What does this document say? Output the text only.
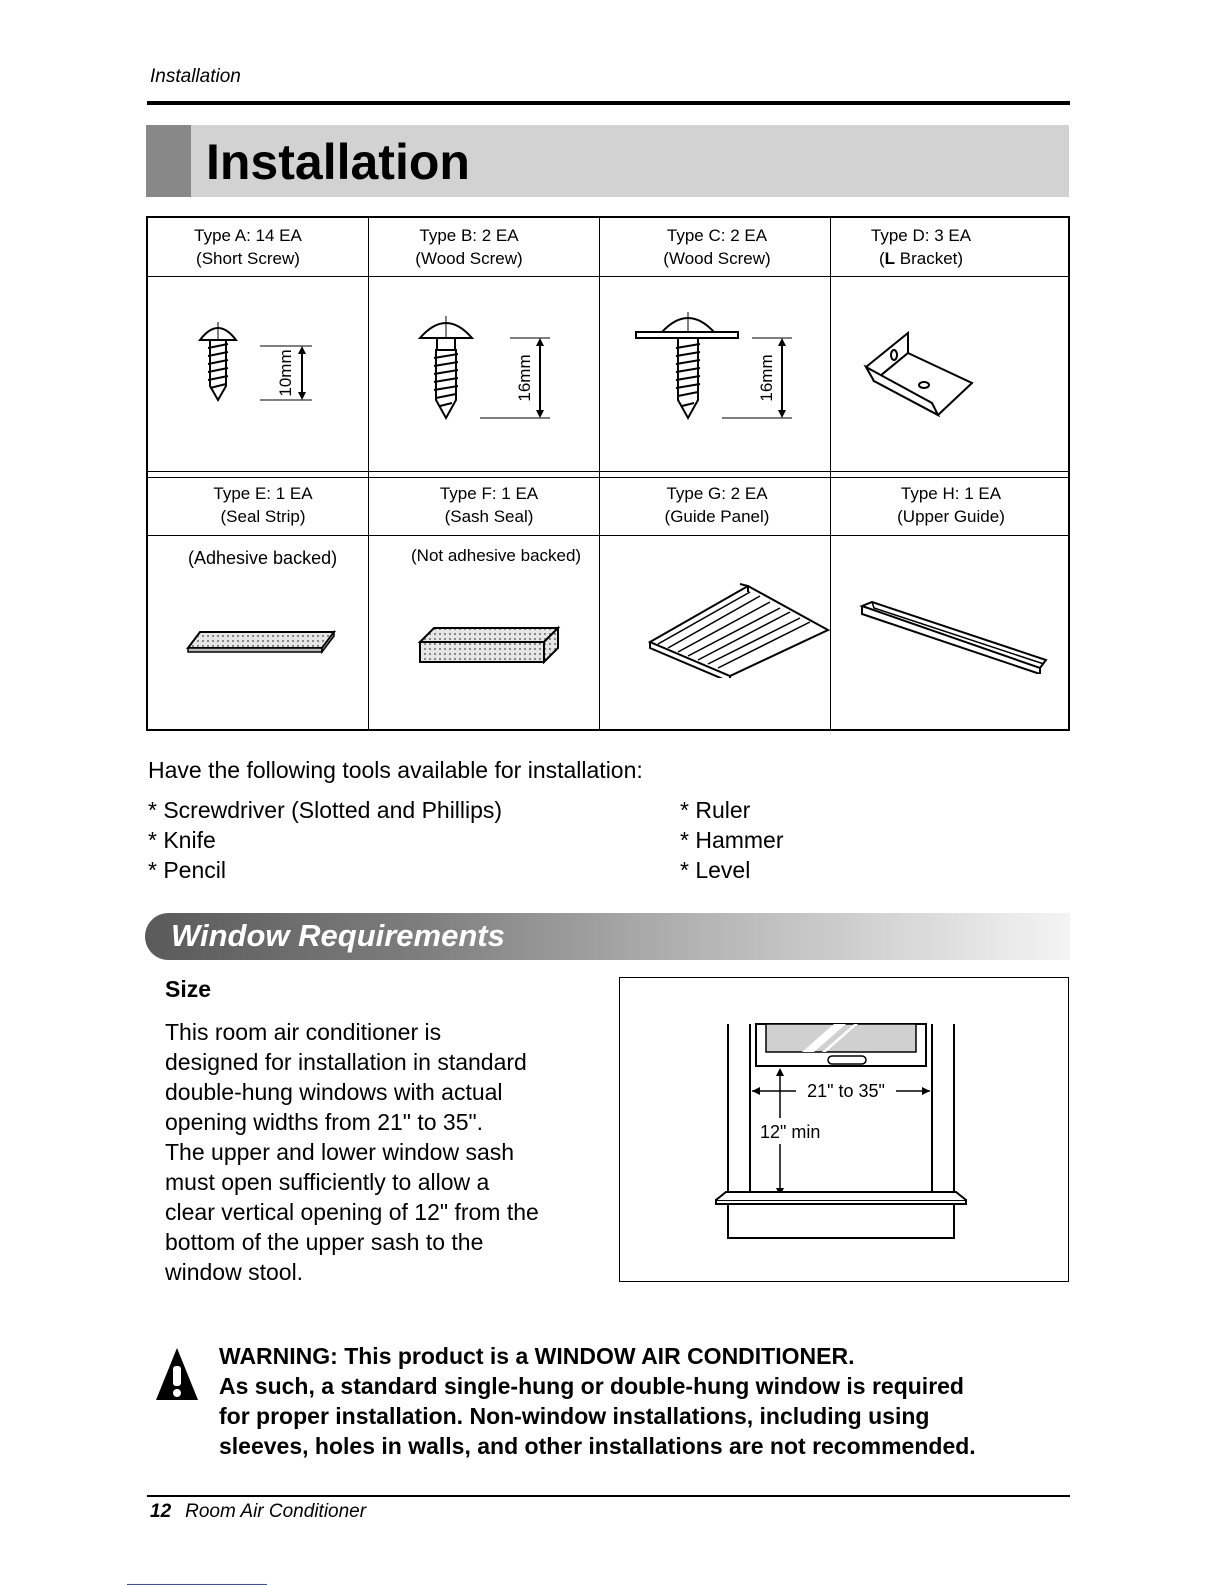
Installation
Installation
Type A: 14 EA
(Short Screw)
Type B: 2 EA
(Wood Screw)
Type C: 2 EA
(Wood Screw)
Type D: 3 EA
(L Bracket)
10mm	16mm	16mm
Type E: 1 EA
(Seal Strip)
Type F: 1 EA
(Sash Seal)
Type G: 2 EA
(Guide Panel)
Type H: 1 EA
(Upper Guide)
(Adhesive backed)	(Not adhesive backed)
Have the following tools available for installation:
* Screwdriver (Slotted and Phillips)
* Knife
* Pencil
* Ruler
* Hammer
* Level
Window Requirements
Size
This room air conditioner is
designed for installation in standard
double-hung windows with actual
opening widths from 21" to 35".
The upper and lower window sash
must open sufficiently to allow a
clear vertical opening of 12" from the
bottom of the upper sash to the
window stool.
21" to 35"
12" min
WARNING: This product is a WINDOW AIR CONDITIONER.
As such, a standard single-hung or double-hung window is required
for proper installation. Non-window installations, including using
sleeves, holes in walls, and other installations are not recommended.
12 Room Air Conditioner
